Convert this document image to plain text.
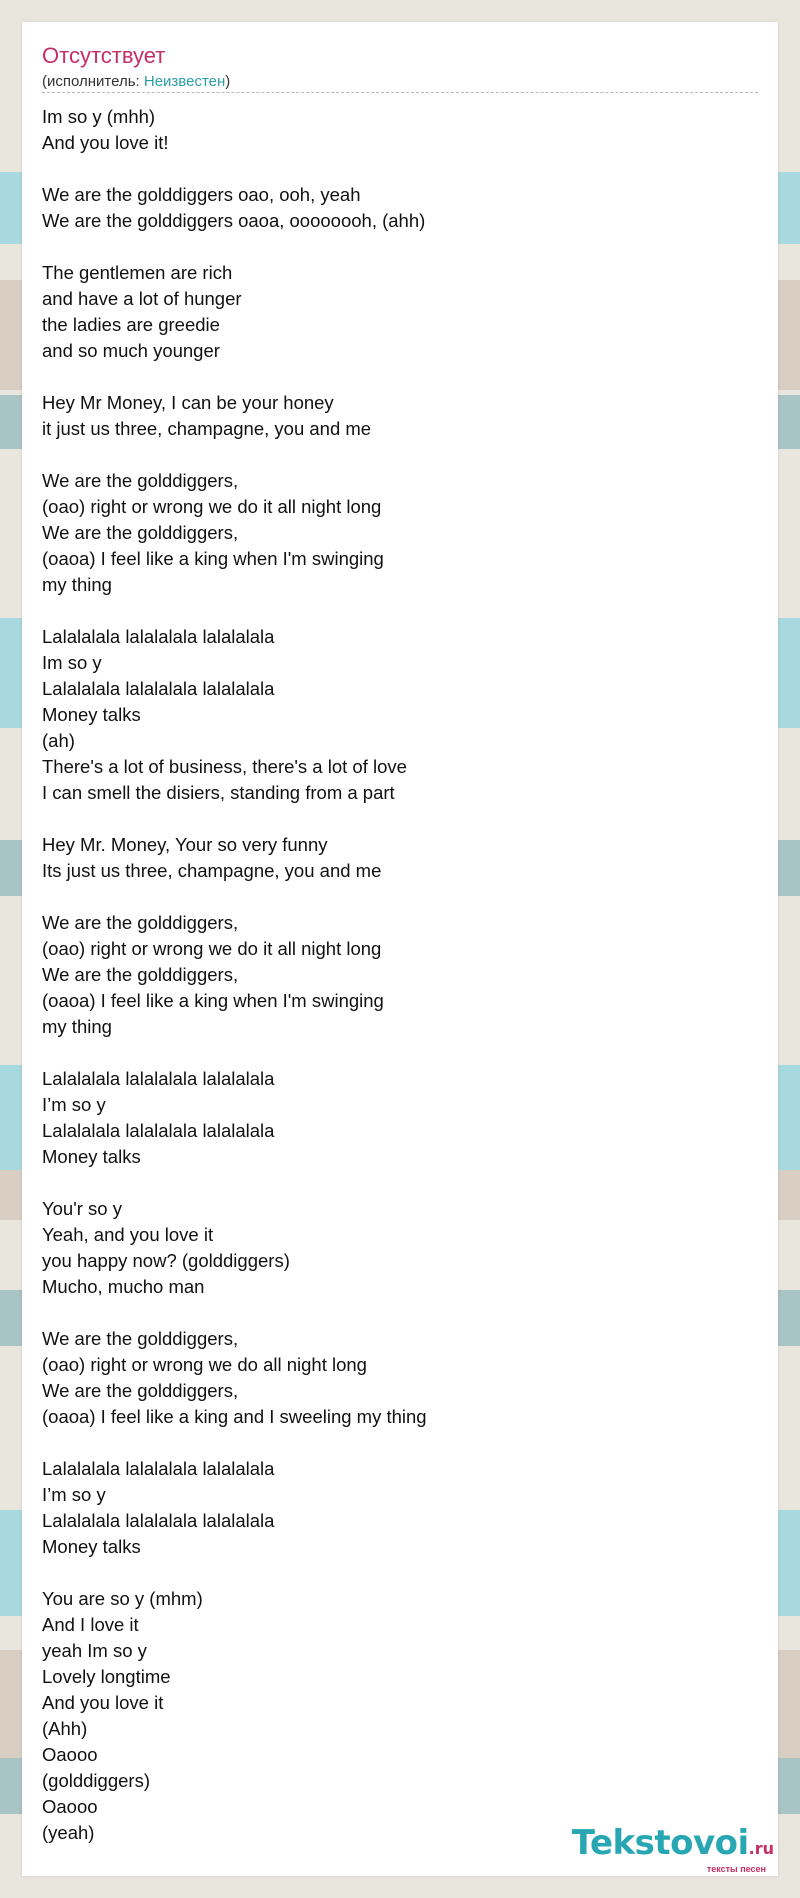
Отсутствует
(исполнитель: Неизвестен)
Im so y (mhh)
And you love it!
We are the golddiggers oao, ooh, yeah
We are the golddiggers oaoa, oooooooh, (ahh)
The gentlemen are rich
and have a lot of hunger
the ladies are greedie
and so much younger
Hey Mr Money, I can be your honey
it just us three, champagne, you and me
We are the golddiggers,
(oao) right or wrong we do it all night long
We are the golddiggers,
(oaoa) I feel like a king when I'm swinging
my thing
Lalalalala lalalalala lalalalala
Im so y
Lalalalala lalalalala lalalalala
Money talks
(ah)
There's a lot of business, there's a lot of love
I can smell the disiers, standing from a part
Hey Mr. Money, Your so very funny
Its just us three, champagne, you and me
We are the golddiggers,
(oao) right or wrong we do it all night long
We are the golddiggers,
(oaoa) I feel like a king when I'm swinging
my thing
Lalalalala lalalalala lalalalala
I’m so y
Lalalalala lalalalala lalalalala
Money talks
You'r so y
Yeah, and you love it
you happy now? (golddiggers)
Mucho, mucho man
We are the golddiggers,
(oao) right or wrong we do all night long
We are the golddiggers,
(oaoa) I feel like a king and I sweeling my thing
Lalalalala lalalalala lalalalala
I’m so y
Lalalalala lalalalala lalalalala
Money talks
You are so y (mhm)
And I love it
yeah Im so y
Lovely longtime
And you love it
(Ahh)
Oaooo
(golddiggers)
Oaooo
(yeah)	Tekstovoi.ru
тексты песен
